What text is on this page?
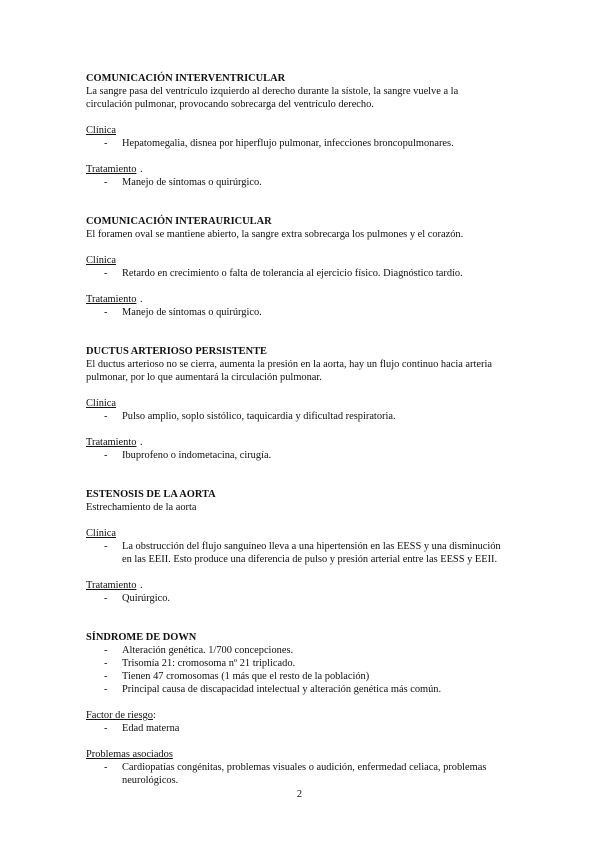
COMUNICACIÓN INTERVENTRICULAR
La sangre pasa del ventrículo izquierdo al derecho durante la sístole, la sangre vuelve a la circulación pulmonar, provocando sobrecarga del ventrículo derecho.
Clínica
- Hepatomegalia, disnea por hiperflujo pulmonar, infecciones broncopulmonares.
Tratamiento .
- Manejo de síntomas o quirúrgico.
COMUNICACIÓN INTERAURICULAR
El foramen oval se mantiene abierto, la sangre extra sobrecarga los pulmones y el corazón.
Clínica
- Retardo en crecimiento o falta de tolerancia al ejercicio físico. Diagnóstico tardío.
Tratamiento .
- Manejo de síntomas o quirúrgico.
DUCTUS ARTERIOSO PERSISTENTE
El ductus arterioso no se cierra, aumenta la presión en la aorta, hay un flujo continuo hacia arteria pulmonar, por lo que aumentará la circulación pulmonar.
Clínica
- Pulso amplio, soplo sistólico, taquicardia y dificultad respiratoria.
Tratamiento .
- Ibuprofeno o indometacina, cirugía.
ESTENOSIS DE LA AORTA
Estrechamiento de la aorta
Clínica
- La obstrucción del flujo sanguíneo lleva a una hipertensión en las EESS y una disminución en las EEII. Esto produce una diferencia de pulso y presión arterial entre las EESS y EEII.
Tratamiento .
- Quirúrgico.
SÍNDROME DE DOWN
- Alteración genética. 1/700 concepciones.
- Trisomía 21: cromosoma nº 21 triplicado.
- Tienen 47 cromosomas (1 más que el resto de la población)
- Principal causa de discapacidad intelectual y alteración genética más común.
Factor de riesgo :
- Edad materna
Problemas asociados
- Cardiopatías congénitas, problemas visuales o audición, enfermedad celiaca, problemas neurológicos.
2
